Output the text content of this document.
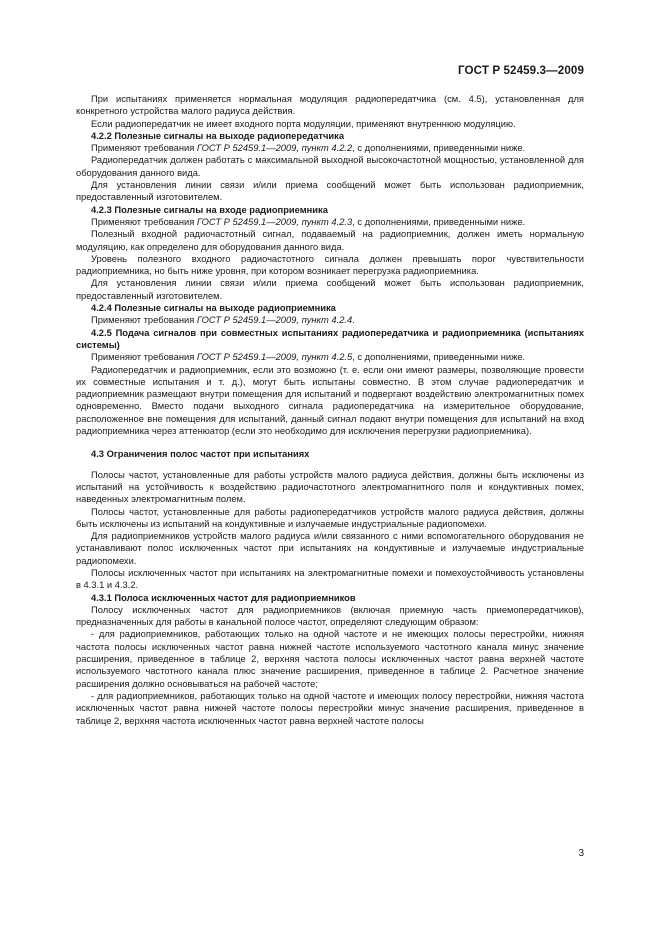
ГОСТ Р 52459.3—2009

При испытаниях применяется нормальная модуляция радиопередатчика (см. 4.5), установленная для конкретного устройства малого радиуса действия.

Если радиопередатчик не имеет входного порта модуляции, применяют внутреннюю модуляцию.

4.2.2 Полезные сигналы на выходе радиопередатчика

Применяют требования ГОСТ Р 52459.1—2009, пункт 4.2.2, с дополнениями, приведенными ниже.

Радиопередатчик должен работать с максимальной выходной высокочастотной мощностью, установленной для оборудования данного вида.

Для установления линии связи и/или приема сообщений может быть использован радиоприемник, предоставленный изготовителем.

4.2.3 Полезные сигналы на входе радиоприемника

Применяют требования ГОСТ Р 52459.1—2009, пункт 4.2.3, с дополнениями, приведенными ниже.

Полезный входной радиочастотный сигнал, подаваемый на радиоприемник, должен иметь нормальную модуляцию, как определено для оборудования данного вида.

Уровень полезного входного радиочастотного сигнала должен превышать порог чувствительности радиоприемника, но быть ниже уровня, при котором возникает перегрузка радиоприемника.

Для установления линии связи и/или приема сообщений может быть использован радиоприемник, предоставленный изготовителем.

4.2.4 Полезные сигналы на выходе радиоприемника

Применяют требования ГОСТ Р 52459.1—2009, пункт 4.2.4.

4.2.5 Подача сигналов при совместных испытаниях радиопередатчика и радиоприемника (испытаниях системы)

Применяют требования ГОСТ Р 52459.1—2009, пункт 4.2.5, с дополнениями, приведенными ниже.

Радиопередатчик и радиоприемник, если это возможно (т. е. если они имеют размеры, позволяющие провести их совместные испытания и т. д.), могут быть испытаны совместно. В этом случае радиопередатчик и радиоприемник размещают внутри помещения для испытаний и подвергают воздействию электромагнитных помех одновременно. Вместо подачи выходного сигнала радиопередатчика на измерительное оборудование, расположенное вне помещения для испытаний, данный сигнал подают внутри помещения для испытаний на вход радиоприемника через аттенюатор (если это необходимо для исключения перегрузки радиоприемника).

4.3 Ограничения полос частот при испытаниях

Полосы частот, установленные для работы устройств малого радиуса действия, должны быть исключены из испытаний на устойчивость к воздействию радиочастотного электромагнитного поля и кондуктивных помех, наведенных электромагнитным полем.

Полосы частот, установленные для работы радиопередатчиков устройств малого радиуса действия, должны быть исключены из испытаний на кондуктивные и излучаемые индустриальные радиопомехи.

Для радиоприемников устройств малого радиуса и/или связанного с ними вспомогательного оборудования не устанавливают полос исключенных частот при испытаниях на кондуктивные и излучаемые индустриальные радиопомехи.

Полосы исключенных частот при испытаниях на электромагнитные помехи и помехоустойчивость установлены в 4.3.1 и 4.3.2.

4.3.1 Полоса исключенных частот для радиоприемников

Полосу исключенных частот для радиоприемников (включая приемную часть приемопередатчиков), предназначенных для работы в канальной полосе частот, определяют следующим образом:

- для радиоприемников, работающих только на одной частоте и не имеющих полосы перестройки, нижняя частота полосы исключенных частот равна нижней частоте используемого частотного канала минус значение расширения, приведенное в таблице 2, верхняя частота полосы исключенных частот равна верхней частоте используемого частотного канала плюс значение расширения, приведенное в таблице 2. Расчетное значение расширения должно основываться на рабочей частоте;

- для радиоприемников, работающих только на одной частоте и имеющих полосу перестройки, нижняя частота исключенных частот равна нижней частоте полосы перестройки минус значение расширения, приведенное в таблице 2, верхняя частота исключенных частот равна верхней частоте полосы

3
